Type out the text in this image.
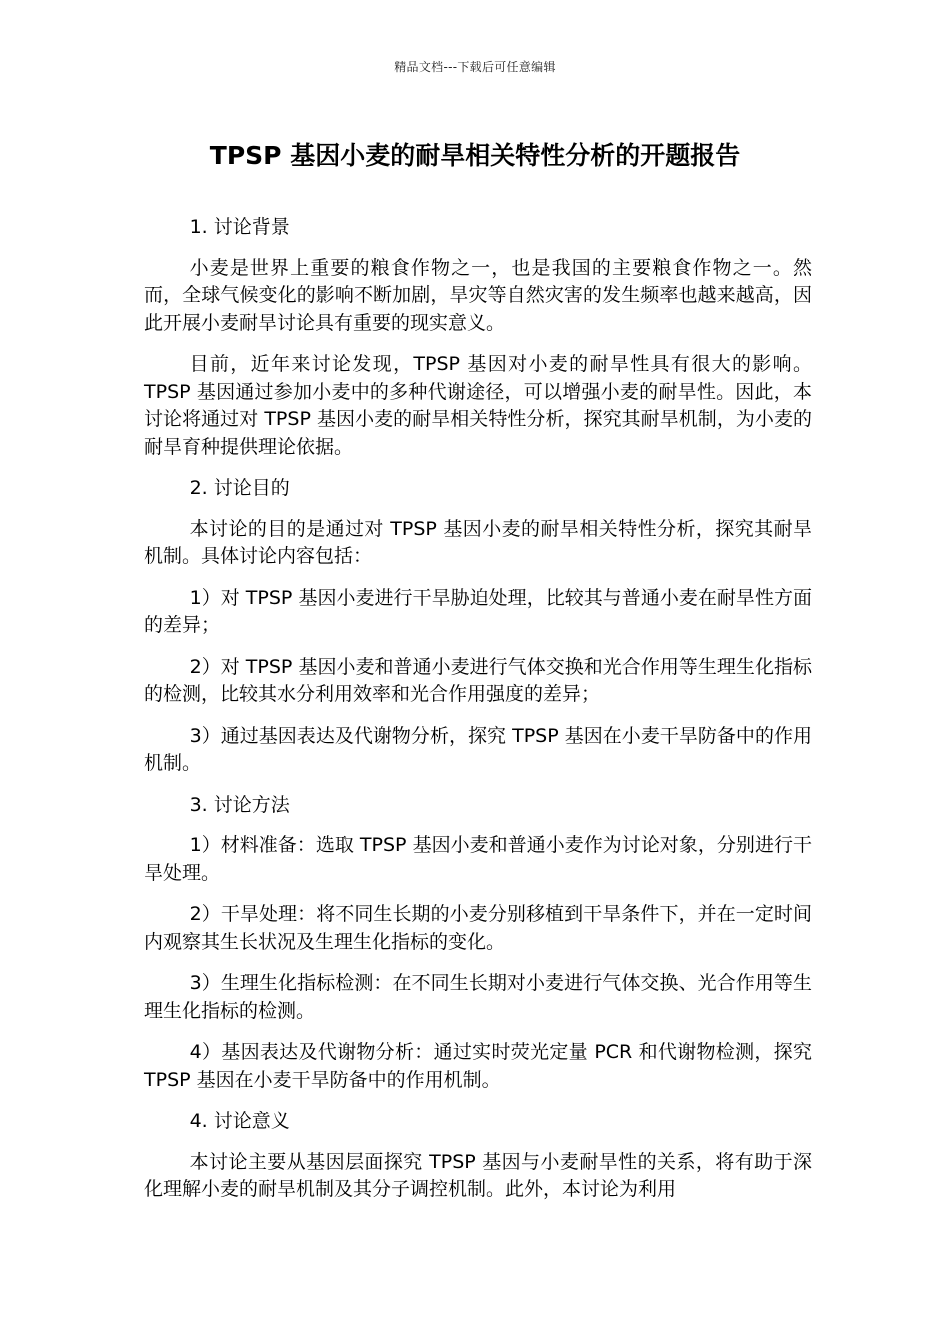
精品文档---下载后可任意编辑
TPSP 基因小麦的耐旱相关特性分析的开题报告

1. 讨论背景

小麦是世界上重要的粮食作物之一，也是我国的主要粮食作物之一。然而，全球气候变化的影响不断加剧，旱灾等自然灾害的发生频率也越来越高，因此开展小麦耐旱讨论具有重要的现实意义。

目前，近年来讨论发现，TPSP 基因对小麦的耐旱性具有很大的影响。TPSP 基因通过参加小麦中的多种代谢途径，可以增强小麦的耐旱性。因此，本讨论将通过对 TPSP 基因小麦的耐旱相关特性分析，探究其耐旱机制，为小麦的耐旱育种提供理论依据。

2. 讨论目的

本讨论的目的是通过对 TPSP 基因小麦的耐旱相关特性分析，探究其耐旱机制。具体讨论内容包括：

1）对 TPSP 基因小麦进行干旱胁迫处理，比较其与普通小麦在耐旱性方面的差异；

2）对 TPSP 基因小麦和普通小麦进行气体交换和光合作用等生理生化指标的检测，比较其水分利用效率和光合作用强度的差异；

3）通过基因表达及代谢物分析，探究 TPSP 基因在小麦干旱防备中的作用机制。

3. 讨论方法

1）材料准备：选取 TPSP 基因小麦和普通小麦作为讨论对象，分别进行干旱处理。

2）干旱处理：将不同生长期的小麦分别移植到干旱条件下，并在一定时间内观察其生长状况及生理生化指标的变化。

3）生理生化指标检测：在不同生长期对小麦进行气体交换、光合作用等生理生化指标的检测。

4）基因表达及代谢物分析：通过实时荧光定量 PCR 和代谢物检测，探究 TPSP 基因在小麦干旱防备中的作用机制。

4. 讨论意义

本讨论主要从基因层面探究 TPSP 基因与小麦耐旱性的关系，将有助于深化理解小麦的耐旱机制及其分子调控机制。此外，本讨论为利用
